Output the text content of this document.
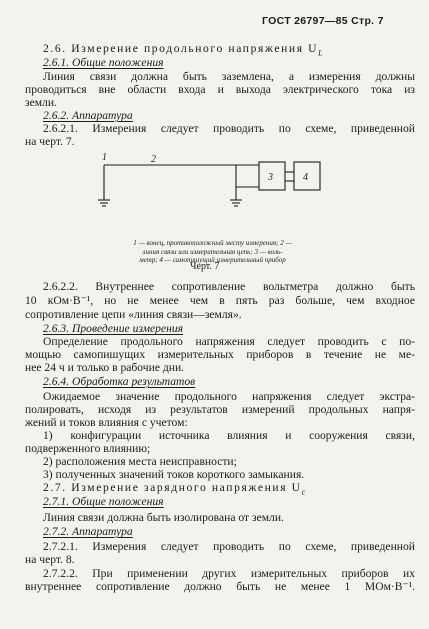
ГОСТ 26797—85 Стр. 7
2.6. Измерение продольного напряжения $U_L$
2.6.1. Общие положения
Линия связи должна быть заземлена, а измерения должны
проводиться вне области входа и выхода электрического тока из
земли.
2.6.2. Аппаратура
2.6.2.1. Измерения следует проводить по схеме, приведенной
на черт. 7.
1	2
3	4
1 — конец, противоположный месту измерения; 2 —
линия связи или измерительная цепь; 3 — воль-
метр; 4 — самопишущий измерительный прибор
Черт. 7
2.6.2.2. Внутреннее сопротивление вольтметра должно быть
10 кОм·В⁻¹, но не менее чем в пять раз больше, чем входное
сопротивление цепи «линия связи—земля».
2.6.3. Проведение измерения
Определение продольного напряжения следует проводить с по-
мощью самопишущих измерительных приборов в течение не ме-
нее 24 ч и только в рабочие дни.
2.6.4. Обработка результатов
Ожидаемое значение продольного напряжения следует экстра-
полировать, исходя из результатов измерений продольных напря-
жений и токов влияния с учетом:
1) конфигурации источника влияния и сооружения связи,
подверженного влиянию;
2) расположения места неисправности;
3) полученных значений токов короткого замыкания.
2.7. Измерение зарядного напряжения $U_c$
2.7.1. Общие положения
Линия связи должна быть изолирована от земли.
2.7.2. Аппаратура
2.7.2.1. Измерения следует проводить по схеме, приведенной
на черт. 8.
2.7.2.2. При применении других измерительных приборов их
внутреннее сопротивление должно быть не менее 1 МОм·В⁻¹.
